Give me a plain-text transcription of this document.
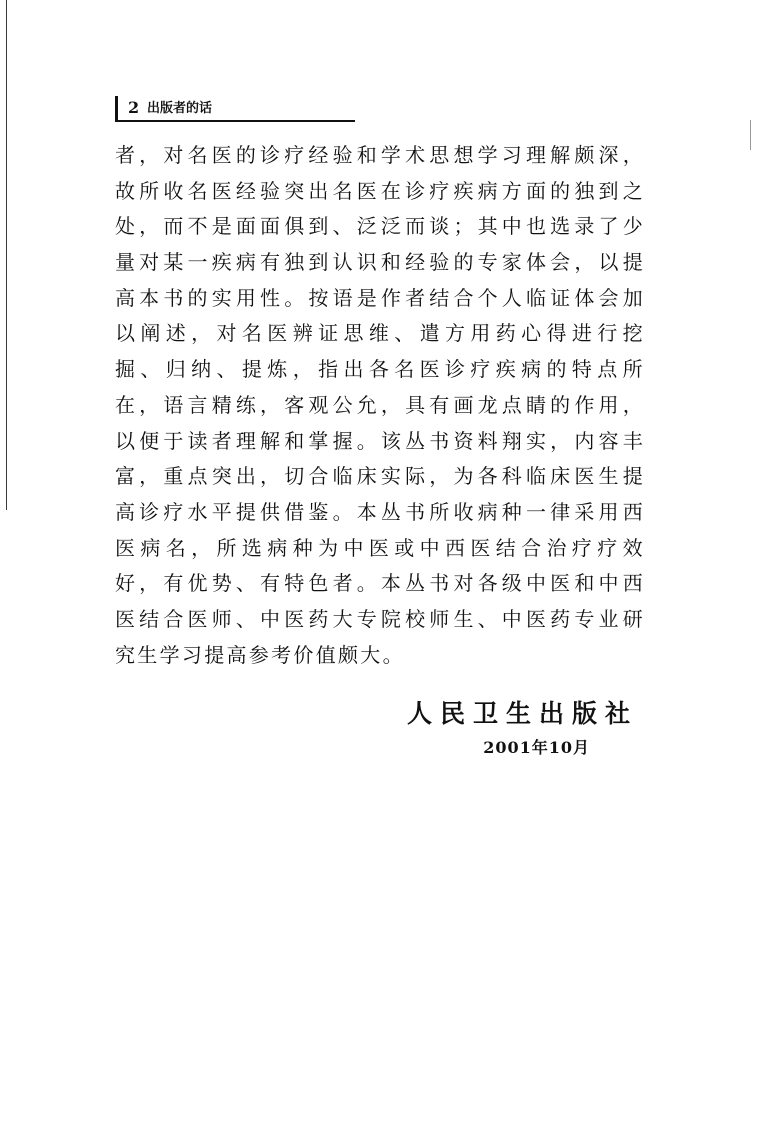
2 出版者的话
者，对名医的诊疗经验和学术思想学习理解颇深，
故所收名医经验突出名医在诊疗疾病方面的独到之
处，而不是面面俱到、泛泛而谈；其中也选录了少
量对某一疾病有独到认识和经验的专家体会，以提
高本书的实用性。按语是作者结合个人临证体会加
以阐述，对名医辨证思维、遣方用药心得进行挖
掘、归纳、提炼，指出各名医诊疗疾病的特点所
在，语言精练，客观公允，具有画龙点睛的作用，
以便于读者理解和掌握。该丛书资料翔实，内容丰
富，重点突出，切合临床实际，为各科临床医生提
高诊疗水平提供借鉴。本丛书所收病种一律采用西
医病名，所选病种为中医或中西医结合治疗疗效
好，有优势、有特色者。本丛书对各级中医和中西
医结合医师、中医药大专院校师生、中医药专业研
究生学习提高参考价值颇大。
人民卫生出版社
2001年10月
